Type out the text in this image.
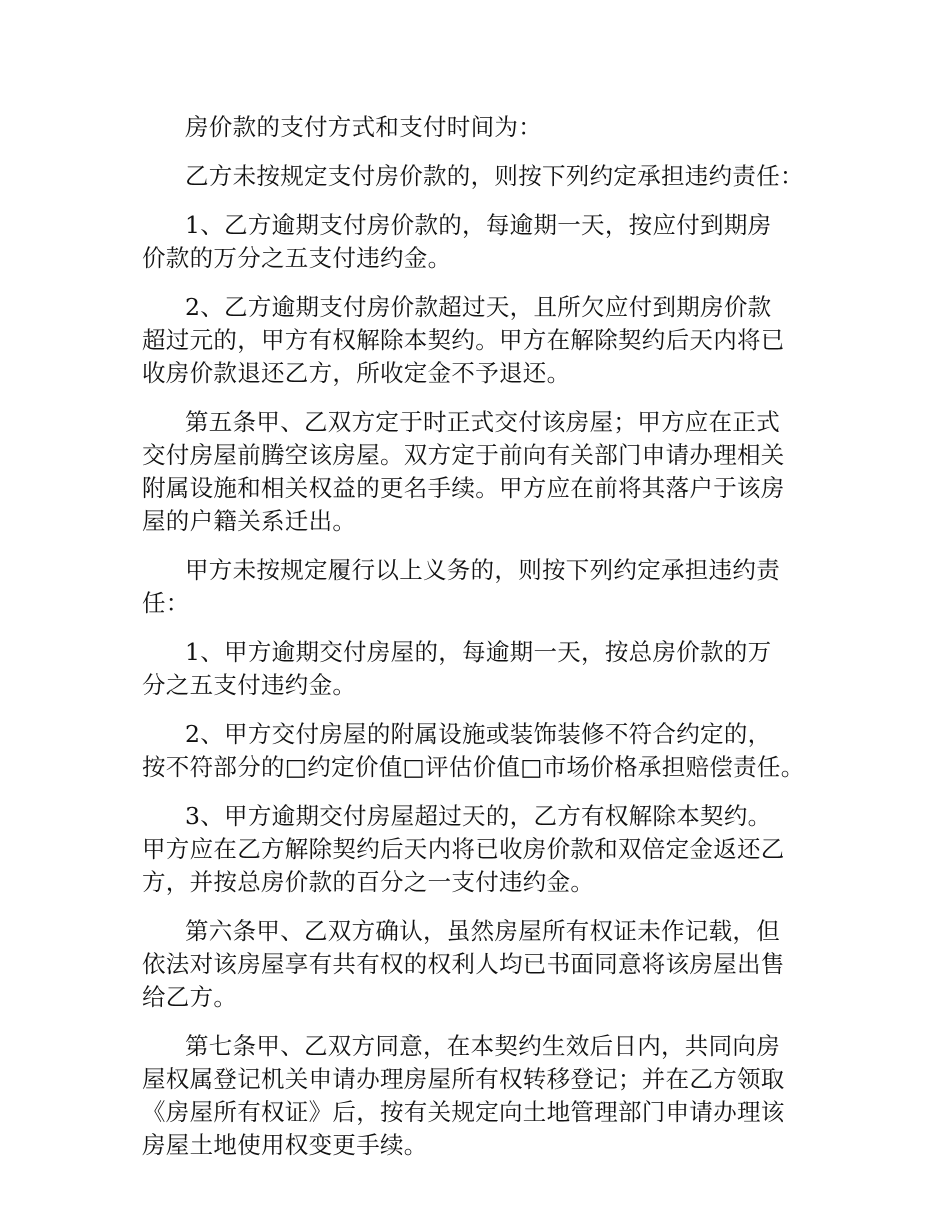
房价款的支付方式和支付时间为：

乙方未按规定支付房价款的，则按下列约定承担违约责任：

1、乙方逾期支付房价款的，每逾期一天，按应付到期房
价款的万分之五支付违约金。

2、乙方逾期支付房价款超过天，且所欠应付到期房价款
超过元的，甲方有权解除本契约。甲方在解除契约后天内将已
收房价款退还乙方，所收定金不予退还。

第五条甲、乙双方定于时正式交付该房屋；甲方应在正式
交付房屋前腾空该房屋。双方定于前向有关部门申请办理相关
附属设施和相关权益的更名手续。甲方应在前将其落户于该房
屋的户籍关系迁出。

甲方未按规定履行以上义务的，则按下列约定承担违约责
任：

1、甲方逾期交付房屋的，每逾期一天，按总房价款的万
分之五支付违约金。

2、甲方交付房屋的附属设施或装饰装修不符合约定的，
按不符部分的□约定价值□评估价值□市场价格承担赔偿责任。

3、甲方逾期交付房屋超过天的，乙方有权解除本契约。
甲方应在乙方解除契约后天内将已收房价款和双倍定金返还乙
方，并按总房价款的百分之一支付违约金。

第六条甲、乙双方确认，虽然房屋所有权证未作记载，但
依法对该房屋享有共有权的权利人均已书面同意将该房屋出售
给乙方。

第七条甲、乙双方同意，在本契约生效后日内，共同向房
屋权属登记机关申请办理房屋所有权转移登记；并在乙方领取
《房屋所有权证》后，按有关规定向土地管理部门申请办理该
房屋土地使用权变更手续。
